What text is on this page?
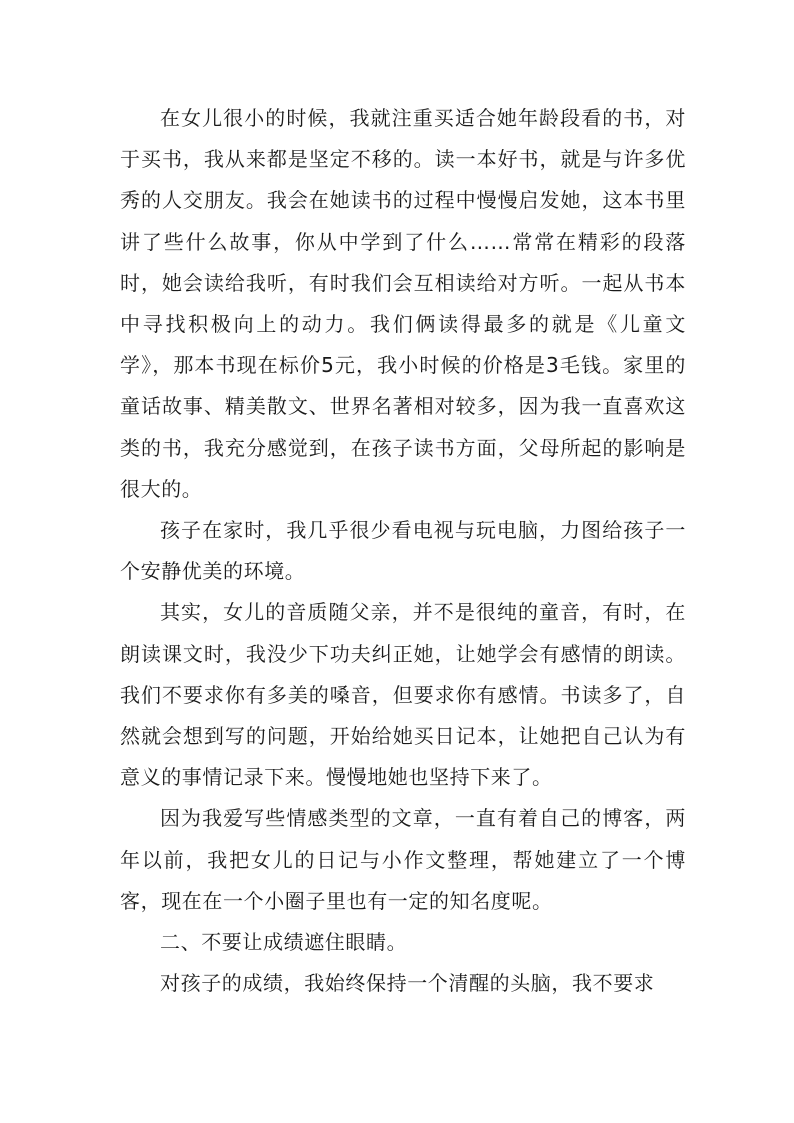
在女儿很小的时候，我就注重买适合她年龄段看的书，对于买书，我从来都是坚定不移的。读一本好书，就是与许多优秀的人交朋友。我会在她读书的过程中慢慢启发她，这本书里讲了些什么故事，你从中学到了什么……常常在精彩的段落时，她会读给我听，有时我们会互相读给对方听。一起从书本中寻找积极向上的动力。我们俩读得最多的就是《儿童文学》，那本书现在标价5元，我小时候的价格是3毛钱。家里的童话故事、精美散文、世界名著相对较多，因为我一直喜欢这类的书，我充分感觉到，在孩子读书方面，父母所起的影响是很大的。

孩子在家时，我几乎很少看电视与玩电脑，力图给孩子一个安静优美的环境。

其实，女儿的音质随父亲，并不是很纯的童音，有时，在朗读课文时，我没少下功夫纠正她，让她学会有感情的朗读。我们不要求你有多美的嗓音，但要求你有感情。书读多了，自然就会想到写的问题，开始给她买日记本，让她把自己认为有意义的事情记录下来。慢慢地她也坚持下来了。

因为我爱写些情感类型的文章，一直有着自己的博客，两年以前，我把女儿的日记与小作文整理，帮她建立了一个博客，现在在一个小圈子里也有一定的知名度呢。

二、不要让成绩遮住眼睛。

对孩子的成绩，我始终保持一个清醒的头脑，我不要求
